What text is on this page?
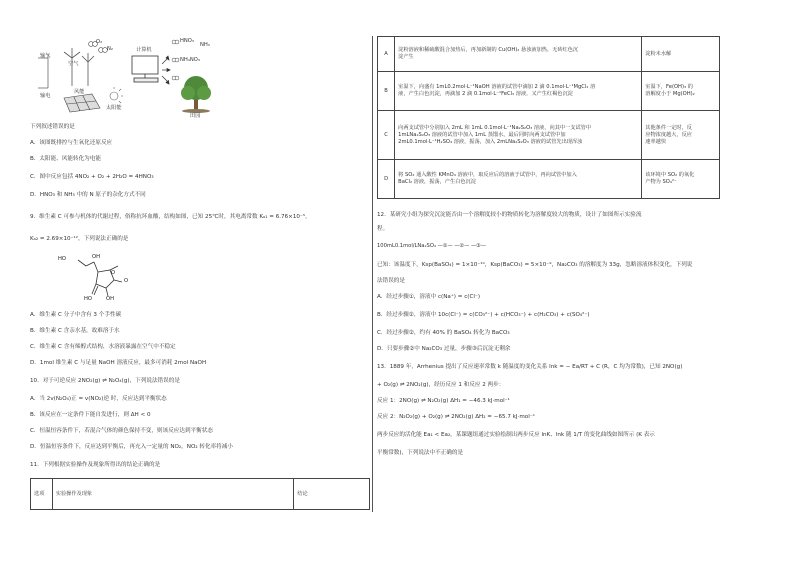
输气
空气
O₂
N₂
输电
风能
太阳能
计算机
HNO₃
NH₃
NH₄NO₃
田园
下列叙述错误的是
A．该图既排控与生氧化还原反应
B．太阳能、风能转化为电能
C．图中反应包括 4NO₂ + O₂ + 2H₂O = 4HNO₃
D．HNO₃ 和 NH₃ 中的 N 原子的杂化方式不同
9．维生素 C 可参与机体的代谢过程，俗称抗坏血酸，结构如图，已知 25℃时，其电离常数 Kₐ₁ = 6.76×10⁻⁵，
Kₐ₂ = 2.69×10⁻¹²，下列说法正确的是
HO	OH
O
O
HO	OH
A．维生素 C 分子中含有 3 个手性碳
B．维生素 C 含亲水基，故难溶于水
C．维生素 C 含有烯醇式结构，水溶液暴露在空气中不稳定
D．1mol 维生素 C 与足量 NaOH 溶液反应，最多可消耗 2mol NaOH
10．对于可逆反应 2NO₂(g) ⇌ N₂O₄(g)，下列说法错误的是
A．当 2v(N₂O₄)正 = v(NO₂)逆 时，反应达到平衡状态
B．该反应在一定条件下能自发进行，则 ΔH < 0
C．恒温恒容条件下，若混合气体的颜色保持不变，则该反应达到平衡状态
D．恒温恒容条件下，反应达到平衡后，再充入一定量的 NO₂，NO₂ 转化率将减小
11．下列根据实验操作及现象所得出的结论正确的是
选项	实验操作及现象	结论
A	淀粉溶液和稀硫酸混合加热后，再加新制的 Cu(OH)₂ 悬浊液加热，无砖红色沉
淀产生	淀粉未水解

B	室温下，向盛有 1mL0.2mol·L⁻¹NaOH 溶液的试管中滴加 2 滴 0.1mol·L⁻¹MgCl₂ 溶
液，产生白色沉淀，再滴加 2 滴 0.1mol·L⁻¹FeCl₃ 溶液，又产生红褐色沉淀	室温下，Fe(OH)₃ 的
溶解度小于 Mg(OH)₂

C	向两支试管中分别加入 2mL 和 1mL 0.1mol·L⁻¹Na₂S₂O₃ 溶液，向其中一支试管中
1mLNa₂S₂O₃ 溶液的试管中加入 1mL 蒸馏水，最后同时向两支试管中加
2mL0.1mol·L⁻¹H₂SO₄ 溶液，振荡，加入 2mLNa₂S₂O₃ 溶液的试管先出现浑浊	其他条件一定时，反
应物浓度越大，反应
速率越快

D	将 SO₂ 通入酸性 KMnO₄ 溶液中，取反应后的溶液于试管中，再向试管中加入
BaCl₂ 溶液，振荡，产生白色沉淀	该环境中 SO₂ 的氧化
产物为 SO₄²⁻
12．某研究小组为探究沉淀能否由一个溶解度较小的物质转化为溶解度较大的物质，设计了如图所示实验流
程。
100mL0.1mol/LNa₂SO₄ —①— —②— —③—
已知：该温度下，Ksp(BaSO₄) = 1×10⁻¹⁰，Ksp(BaCO₃) = 5×10⁻⁹，Na₂CO₃ 的溶解度为 33g，忽略溶液体积变化，下列说
法错误的是
A．经过步骤①，溶液中 c(Na⁺) = c(Cl⁻)
B．经过步骤②，溶液中 10c(Cl⁻) = c(CO₃²⁻) + c(HCO₃⁻) + c(H₂CO₃) + c(SO₄²⁻)
C．经过步骤②，约有 40% 的 BaSO₄ 转化为 BaCO₃
D．只要步骤②中 Na₂CO₃ 过量，步骤③后沉淀无剩余
13．1889 年，Arrhenius 提出了反应速率常数 k 随温度的变化关系 lnk = − Ea/RT + C (R，C 均为常数)，已知 2NO(g)
+ O₂(g) ⇌ 2NO₂(g)，经历反应 1 和反应 2 两步：
反应 1：2NO(g) ⇌ N₂O₂(g) ΔH₁ = −46.3 kJ·mol⁻¹
反应 2：N₂O₂(g) + O₂(g) ⇌ 2NO₂(g) ΔH₂ = −65.7 kJ·mol⁻¹
两步反应的活化能 Ea₁ < Ea₂，某课题组通过实验绘制出两步反应 lnK、lnk 随 1/T 的变化曲线如图所示 (K 表示
平衡常数)，下列说法中不正确的是
